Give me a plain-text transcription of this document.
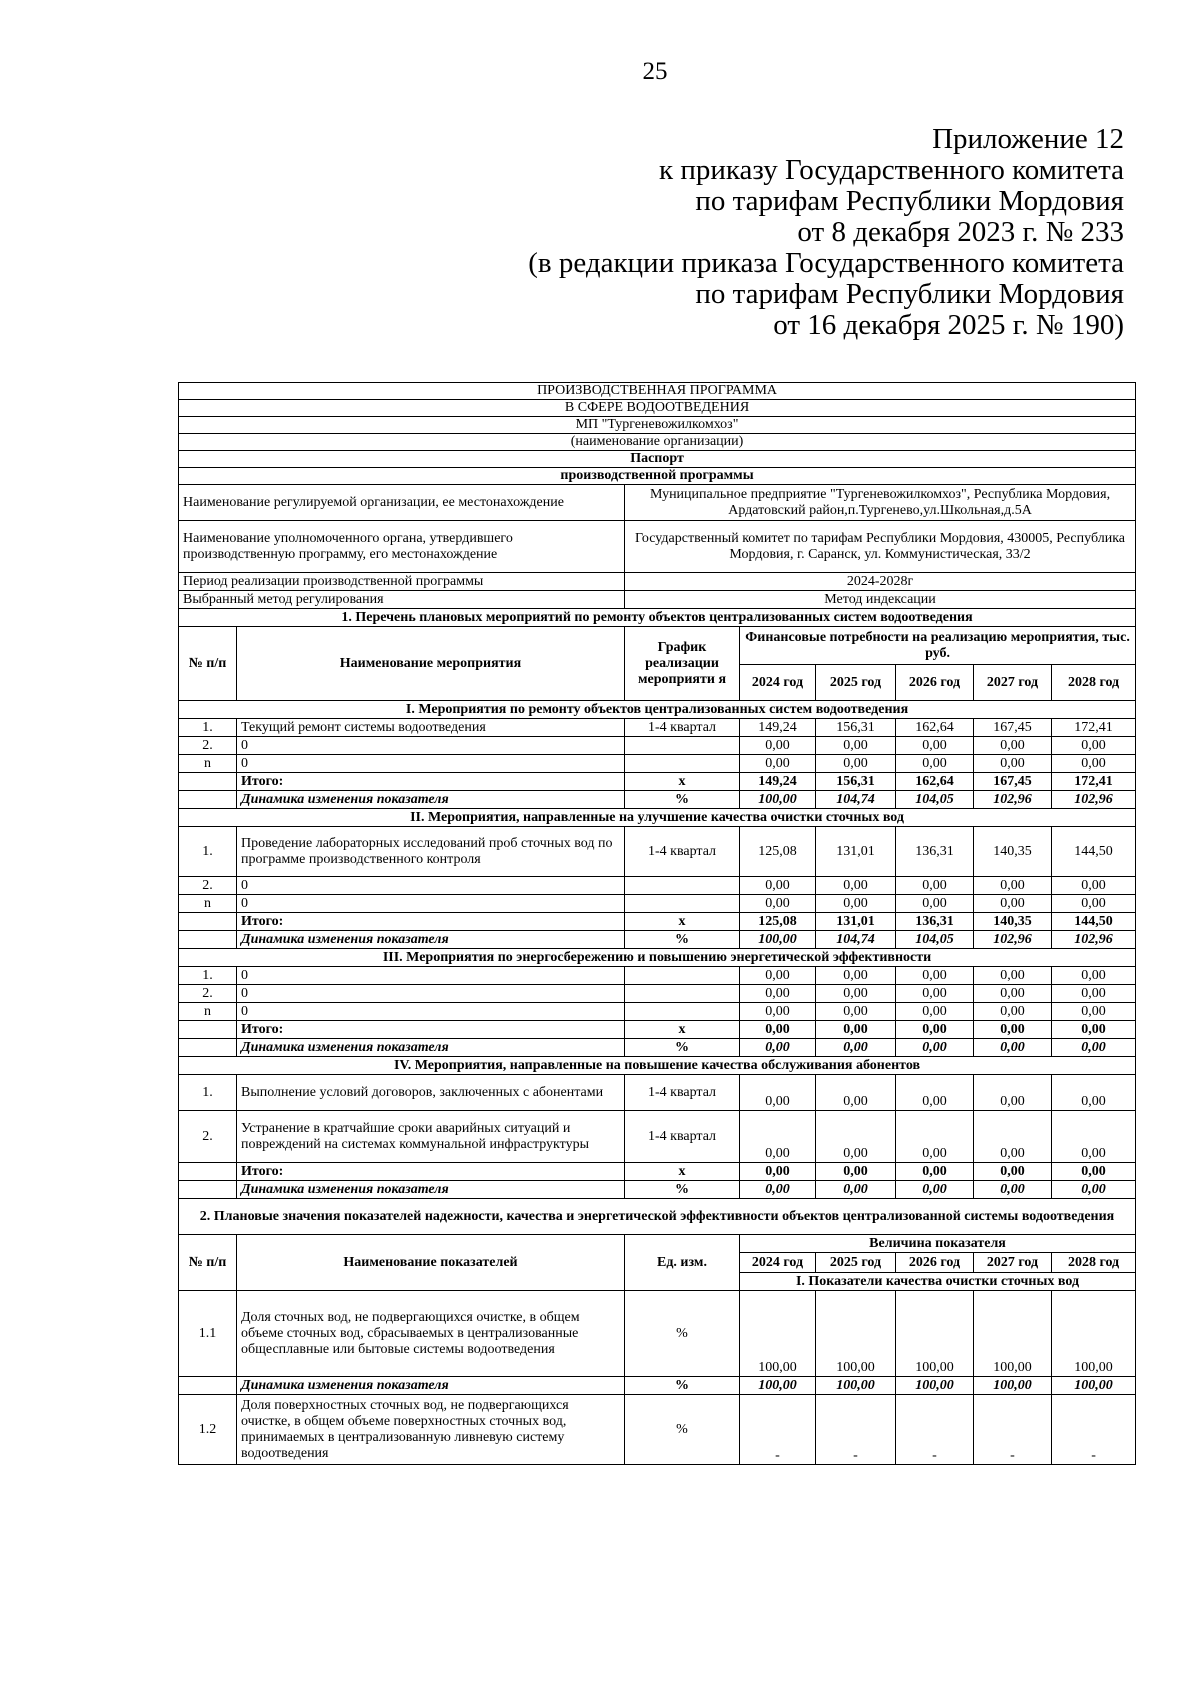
25
Приложение 12
к приказу Государственного комитета
по тарифам Республики Мордовия
от 8 декабря 2023 г. № 233
(в редакции приказа Государственного комитета
по тарифам Республики Мордовия
от 16 декабря 2025 г. № 190)
ПРОИЗВОДСТВЕННАЯ ПРОГРАММА							
В СФЕРЕ ВОДООТВЕДЕНИЯ							
МП "Тургеневожилкомхоз"							
(наименование организации)							
Паспорт							
производственной программы							
Наименование регулируемой организации, ее местонахождение		Муниципальное предприятие "Тургеневожилкомхоз", Республика Мордовия, Ардатовский район,п.Тургенево,ул.Школьная,д.5А					
Наименование уполномоченного органа, утвердившего производственную программу, его местонахождение		Государственный комитет по тарифам Республики Мордовия, 430005, Республика Мордовия, г. Саранск, ул. Коммунистическая, 33/2					
Период реализации производственной программы		2024-2028г					
Выбранный метод регулирования		Метод индексации					
1. Перечень плановых мероприятий по ремонту объектов централизованных систем водоотведения							
№ п/п	Наименование мероприятия	График реализации мероприяти я	Финансовые потребности на реализацию мероприятия, тыс. руб.				
			2024 год	2025 год	2026 год	2027 год	2028 год
I. Мероприятия по ремонту объектов централизованных систем водоотведения							
1.	Текущий ремонт системы водоотведения	1-4 квартал	149,24	156,31	162,64	167,45	172,41
2.	0		0,00	0,00	0,00	0,00	0,00
n	0		0,00	0,00	0,00	0,00	0,00
	Итого:	x	149,24	156,31	162,64	167,45	172,41
	Динамика изменения показателя	%	100,00	104,74	104,05	102,96	102,96
II. Мероприятия, направленные на улучшение качества очистки сточных вод							
1.	Проведение лабораторных исследований проб сточных вод по программе производственного контроля	1-4 квартал	125,08	131,01	136,31	140,35	144,50
2.	0		0,00	0,00	0,00	0,00	0,00
n	0		0,00	0,00	0,00	0,00	0,00
	Итого:	x	125,08	131,01	136,31	140,35	144,50
	Динамика изменения показателя	%	100,00	104,74	104,05	102,96	102,96
III. Мероприятия по энергосбережению и повышению энергетической эффективности							
1.	0		0,00	0,00	0,00	0,00	0,00
2.	0		0,00	0,00	0,00	0,00	0,00
n	0		0,00	0,00	0,00	0,00	0,00
	Итого:	x	0,00	0,00	0,00	0,00	0,00
	Динамика изменения показателя	%	0,00	0,00	0,00	0,00	0,00
IV. Мероприятия, направленные на повышение качества обслуживания абонентов							
1.	Выполнение условий договоров, заключенных с абонентами	1-4 квартал	0,00	0,00	0,00	0,00	0,00
2.	Устранение в кратчайшие сроки аварийных ситуаций и повреждений на системах коммунальной инфраструктуры	1-4 квартал	0,00	0,00	0,00	0,00	0,00
	Итого:	x	0,00	0,00	0,00	0,00	0,00
	Динамика изменения показателя	%	0,00	0,00	0,00	0,00	0,00
2. Плановые значения показателей надежности, качества и энергетической эффективности объектов централизованной системы водоотведения							
№ п/п	Наименование показателей	Ед. изм.	Величина показателя				
			2024 год	2025 год	2026 год	2027 год	2028 год
			I. Показатели качества очистки сточных вод				
1.1	Доля сточных вод, не подвергающихся очистке, в общем объеме сточных вод, сбрасываемых в централизованные общесплавные или бытовые системы водоотведения	%	100,00	100,00	100,00	100,00	100,00
	Динамика изменения показателя	%	100,00	100,00	100,00	100,00	100,00
1.2	Доля поверхностных сточных вод, не подвергающихся очистке, в общем объеме поверхностных сточных вод, принимаемых в централизованную ливневую систему водоотведения	%	-	-	-	-	-
